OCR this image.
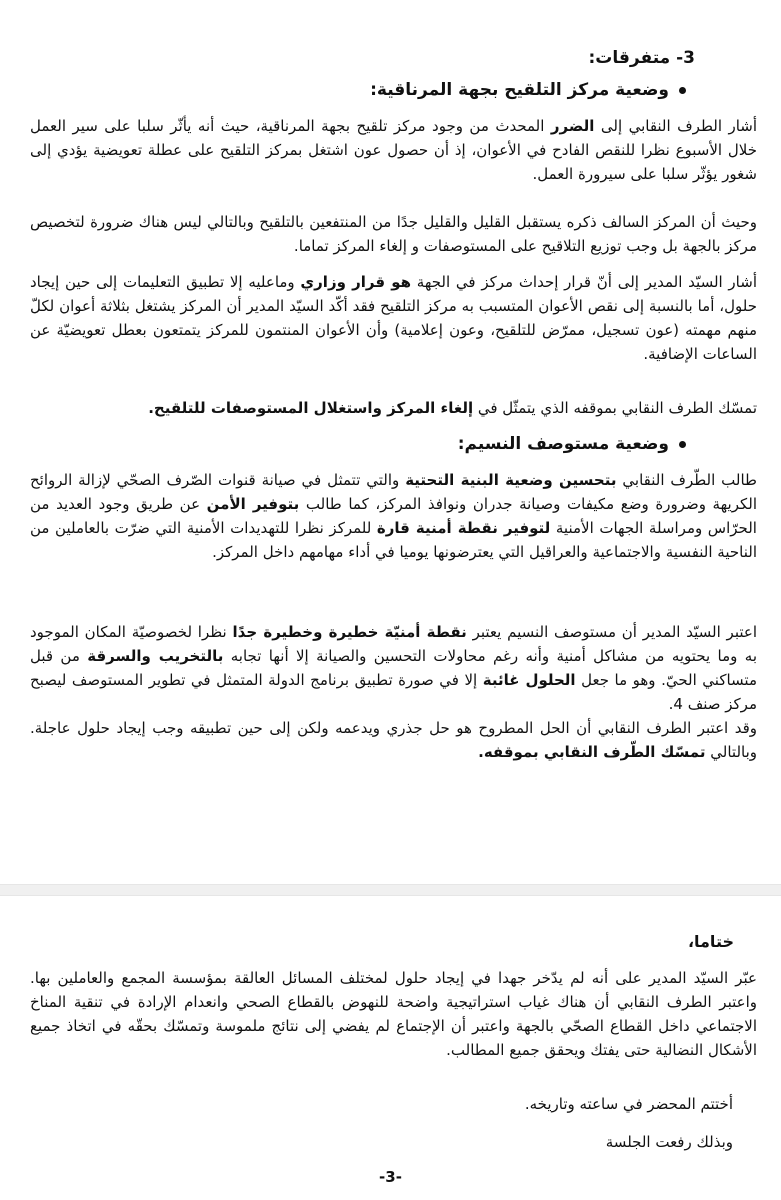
3- متفرقات:
وضعية مركز التلقيح بجهة المرناقية:
أشار الطرف النقابي إلى الضرر المحدث من وجود مركز تلقيح بجهة المرناقية، حيث أنه يأثّر سلبا على سير العمل خلال الأسبوع نظرا للنقص الفادح في الأعوان، إذ أن حصول عون اشتغل بمركز التلقيح على عطلة تعويضية يؤدي إلى شغور يؤثّر سلبا على سيرورة العمل.
وحيث أن المركز السالف ذكره يستقبل القليل والقليل جدًا من المنتفعين بالتلقيح وبالتالي ليس هناك ضرورة لتخصيص مركز بالجهة بل وجب توزيع التلاقيح على المستوصفات و إلغاء المركز تماما.
أشار السيّد المدير إلى أنّ قرار إحداث مركز في الجهة هو قرار وزاري وماعليه إلا تطبيق التعليمات إلى حين إيجاد حلول، أما بالنسبة إلى نقص الأعوان المتسبب به مركز التلقيح فقد أكّد السيّد المدير أن المركز يشتغل بثلاثة أعوان لكلّ منهم مهمته (عون تسجيل، ممرّض للتلقيح، وعون إعلامية) وأن الأعوان المنتمون للمركز يتمتعون بعطل تعويضيّة عن الساعات الإضافية.
تمسّك الطرف النقابي بموقفه الذي يتمثّل في إلغاء المركز واستغلال المستوصفات للتلقيح.
وضعية مستوصف النسيم:
طالب الطّرف النقابي بتحسين وضعية البنية التحتية والتي تتمثل في صيانة قنوات الصّرف الصحّي لإزالة الروائح الكريهة وضرورة وضع مكيفات وصيانة جدران ونوافذ المركز، كما طالب بتوفير الأمن عن طريق وجود العديد من الحرّاس ومراسلة الجهات الأمنية لتوفير نقطة أمنية قارة للمركز نظرا للتهديدات الأمنية التي ضرّت بالعاملين من الناحية النفسية والاجتماعية والعراقيل التي يعترضونها يوميا في أداء مهامهم داخل المركز.
اعتبر السيّد المدير أن مستوصف النسيم يعتبر نقطة أمنيّة خطيرة وخطيرة جدًا نظرا لخصوصيّة المكان الموجود به وما يحتويه من مشاكل أمنية وأنه رغم محاولات التحسين والصيانة إلا أنها تجابه بالتخريب والسرقة من قبل متساكني الحيّ. وهو ما جعل الحلول غائبة إلا في صورة تطبيق برنامج الدولة المتمثل في تطوير المستوصف ليصبح مركز صنف 4.
وقد اعتبر الطرف النقابي أن الحل المطروح هو حل جذري ويدعمه ولكن إلى حين تطبيقه وجب إيجاد حلول عاجلة. وبالتالي تمسّك الطّرف النقابي بموقفه.
ختاما،
عبّر السيّد المدير على أنه لم يدّخر جهدا في إيجاد حلول لمختلف المسائل العالقة بمؤسسة المجمع والعاملين بها. واعتبر الطرف النقابي أن هناك غياب استراتيجية واضحة للنهوض بالقطاع الصحي وانعدام الإرادة في تنقية المناخ الاجتماعي داخل القطاع الصحّي بالجهة واعتبر أن الإجتماع لم يفضي إلى نتائج ملموسة وتمسّك بحقّه في اتخاذ جميع الأشكال النضالية حتى يفتك ويحقق جميع المطالب.
أختتم المحضر في ساعته وتاريخه.
وبذلك رفعت الجلسة
-3-
